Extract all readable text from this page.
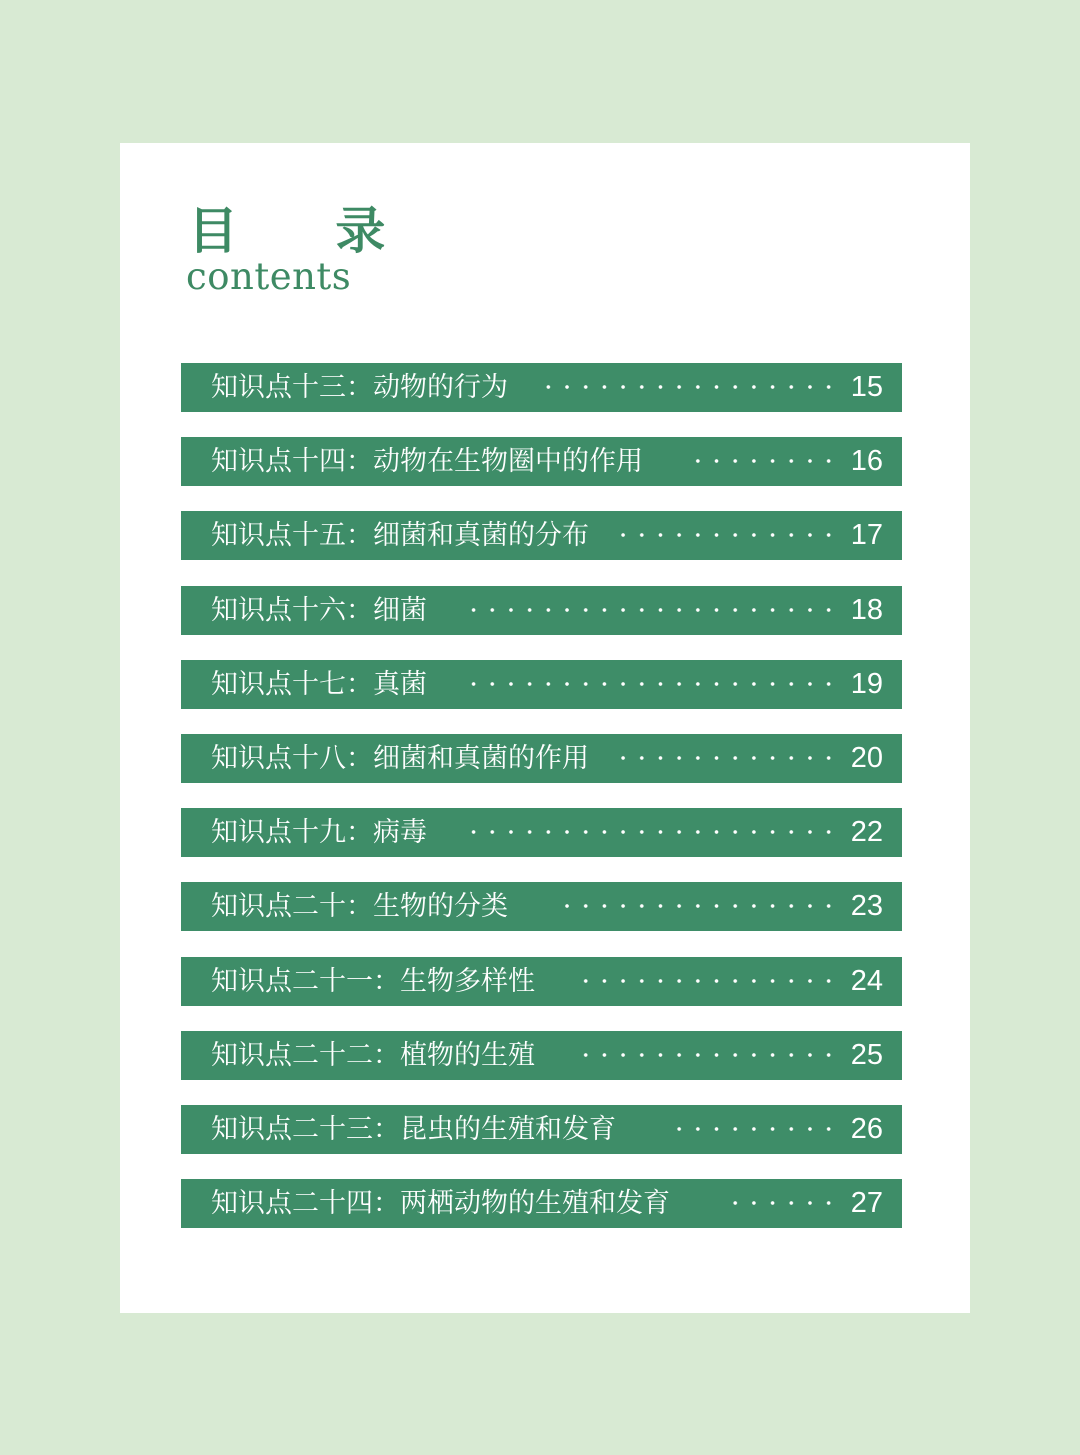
目 录
contents
知识点十三：动物的行为	15
知识点十四：动物在生物圈中的作用	16
知识点十五：细菌和真菌的分布	17
知识点十六：细菌	18
知识点十七：真菌	19
知识点十八：细菌和真菌的作用	20
知识点十九：病毒	22
知识点二十：生物的分类	23
知识点二十一：生物多样性	24
知识点二十二：植物的生殖	25
知识点二十三：昆虫的生殖和发育	26
知识点二十四：两栖动物的生殖和发育	27
